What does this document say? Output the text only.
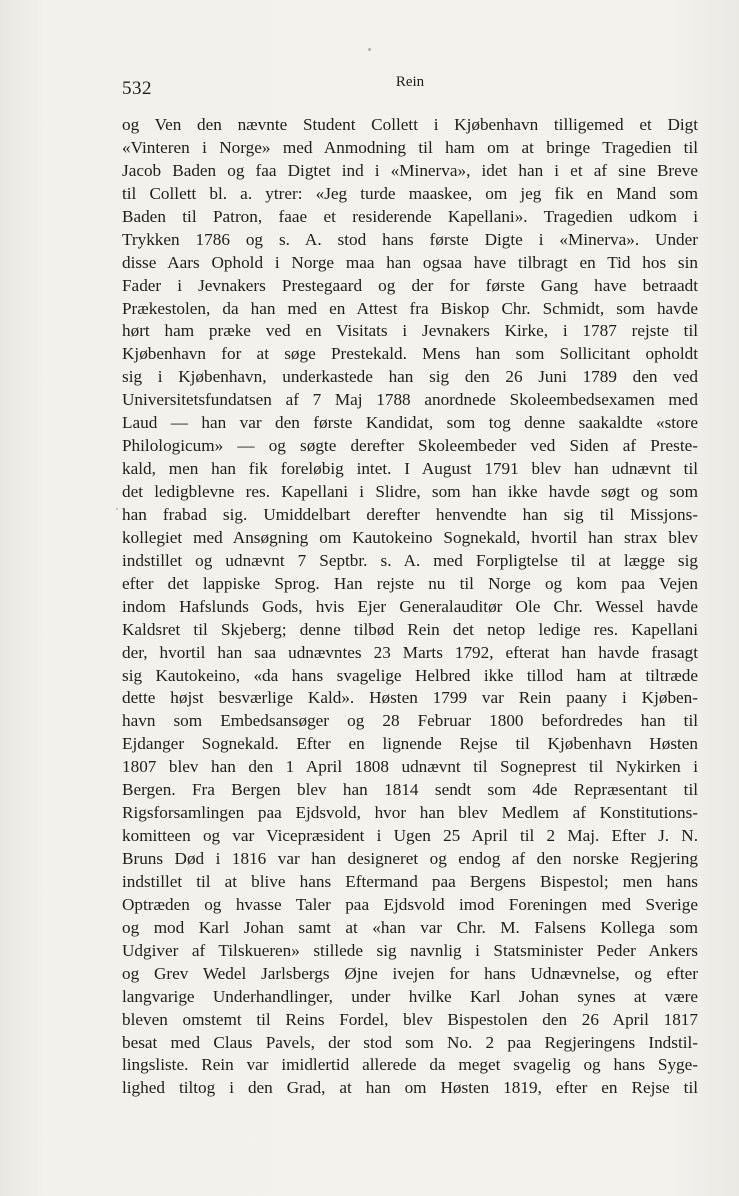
532	Rein
og Ven den nævnte Student Collett i Kjøbenhavn tilligemed et Digt
«Vinteren i Norge» med Anmodning til ham om at bringe Tragedien til
Jacob Baden og faa Digtet ind i «Minerva», idet han i et af sine Breve
til Collett bl. a. ytrer: «Jeg turde maaskee, om jeg fik en Mand som
Baden til Patron, faae et residerende Kapellani». Tragedien udkom i
Trykken 1786 og s. A. stod hans første Digte i «Minerva». Under
disse Aars Ophold i Norge maa han ogsaa have tilbragt en Tid hos sin
Fader i Jevnakers Prestegaard og der for første Gang have betraadt
Prækestolen, da han med en Attest fra Biskop Chr. Schmidt, som havde
hørt ham præke ved en Visitats i Jevnakers Kirke, i 1787 rejste til
Kjøbenhavn for at søge Prestekald. Mens han som Sollicitant opholdt
sig i Kjøbenhavn, underkastede han sig den 26 Juni 1789 den ved
Universitetsfundatsen af 7 Maj 1788 anordnede Skoleembedsexamen med
Laud — han var den første Kandidat, som tog denne saakaldte «store
Philologicum» — og søgte derefter Skoleembeder ved Siden af Preste-
kald, men han fik foreløbig intet. I August 1791 blev han udnævnt til
det ledigblevne res. Kapellani i Slidre, som han ikke havde søgt og som
han frabad sig. Umiddelbart derefter henvendte han sig til Missjons-
kollegiet med Ansøgning om Kautokeino Sognekald, hvortil han strax blev
indstillet og udnævnt 7 Septbr. s. A. med Forpligtelse til at lægge sig
efter det lappiske Sprog. Han rejste nu til Norge og kom paa Vejen
indom Hafslunds Gods, hvis Ejer Generalauditør Ole Chr. Wessel havde
Kaldsret til Skjeberg; denne tilbød Rein det netop ledige res. Kapellani
der, hvortil han saa udnævntes 23 Marts 1792, efterat han havde frasagt
sig Kautokeino, «da hans svagelige Helbred ikke tillod ham at tiltræde
dette højst besværlige Kald». Høsten 1799 var Rein paany i Kjøben-
havn som Embedsansøger og 28 Februar 1800 befordredes han til
Ejdanger Sognekald. Efter en lignende Rejse til Kjøbenhavn Høsten
1807 blev han den 1 April 1808 udnævnt til Sogneprest til Nykirken i
Bergen. Fra Bergen blev han 1814 sendt som 4de Repræsentant til
Rigsforsamlingen paa Ejdsvold, hvor han blev Medlem af Konstitutions-
komitteen og var Vicepræsident i Ugen 25 April til 2 Maj. Efter J. N.
Bruns Død i 1816 var han designeret og endog af den norske Regjering
indstillet til at blive hans Eftermand paa Bergens Bispestol; men hans
Optræden og hvasse Taler paa Ejdsvold imod Foreningen med Sverige
og mod Karl Johan samt at «han var Chr. M. Falsens Kollega som
Udgiver af Tilskueren» stillede sig navnlig i Statsminister Peder Ankers
og Grev Wedel Jarlsbergs Øjne ivejen for hans Udnævnelse, og efter
langvarige Underhandlinger, under hvilke Karl Johan synes at være
bleven omstemt til Reins Fordel, blev Bispestolen den 26 April 1817
besat med Claus Pavels, der stod som No. 2 paa Regjeringens Indstil-
lingsliste. Rein var imidlertid allerede da meget svagelig og hans Syge-
lighed tiltog i den Grad, at han om Høsten 1819, efter en Rejse til
